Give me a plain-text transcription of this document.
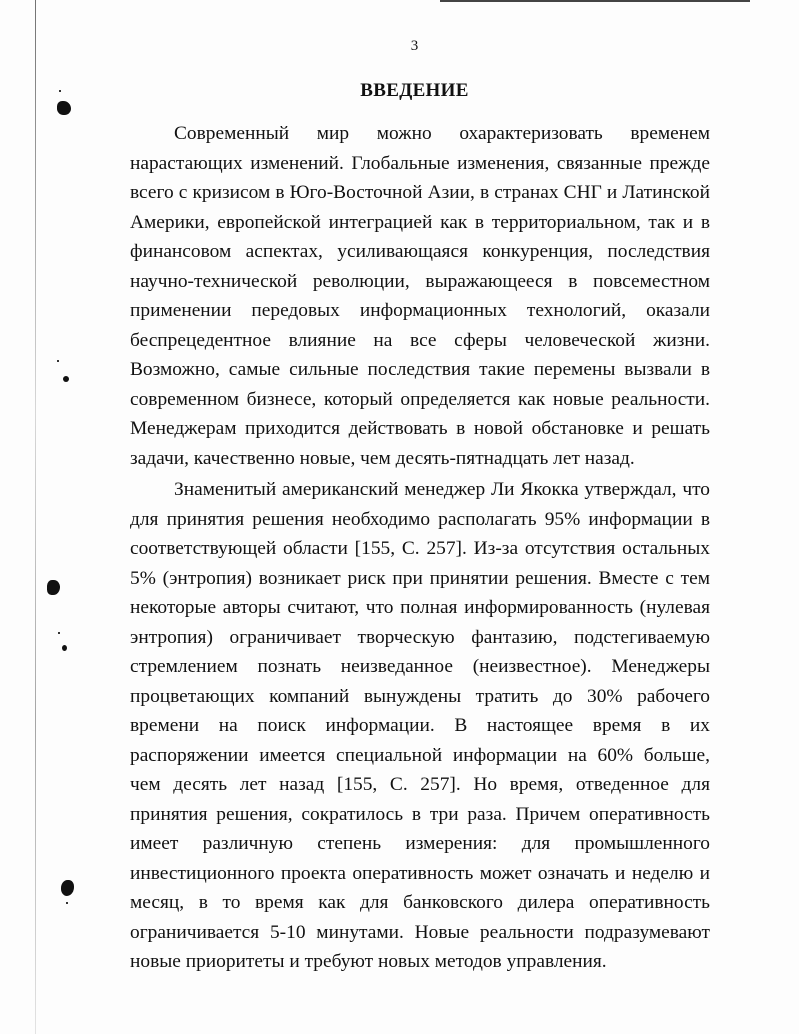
3
ВВЕДЕНИЕ

Современный мир можно охарактеризовать временем нарастающих изменений. Глобальные изменения, связанные прежде всего с кризисом в Юго-Восточной Азии, в странах СНГ и Латинской Америки, европейской интеграцией как в территориальном, так и в финансовом аспектах, усиливающаяся конкуренция, последствия научно-технической революции, выражающееся в повсеместном применении передовых информационных технологий, оказали беспрецедентное влияние на все сферы человеческой жизни. Возможно, самые сильные последствия такие перемены вызвали в современном бизнесе, который определяется как новые реальности. Менеджерам приходится действовать в новой обстановке и решать задачи, качественно новые, чем десять-пятнадцать лет назад.

Знаменитый американский менеджер Ли Якокка утверждал, что для принятия решения необходимо располагать 95% информации в соответствующей области [155, С. 257]. Из-за отсутствия остальных 5% (энтропия) возникает риск при принятии решения. Вместе с тем некоторые авторы считают, что полная информированность (нулевая энтропия) ограничивает творческую фантазию, подстегиваемую стремлением познать неизведанное (неизвестное). Менеджеры процветающих компаний вынуждены тратить до 30% рабочего времени на поиск информации. В настоящее время в их распоряжении имеется специальной информации на 60% больше, чем десять лет назад [155, С. 257]. Но время, отведенное для принятия решения, сократилось в три раза. Причем оперативность имеет различную степень измерения: для промышленного инвестиционного проекта оперативность может означать и неделю и месяц, в то время как для банковского дилера оперативность ограничивается 5-10 минутами. Новые реальности подразумевают новые приоритеты и требуют новых методов управления.
